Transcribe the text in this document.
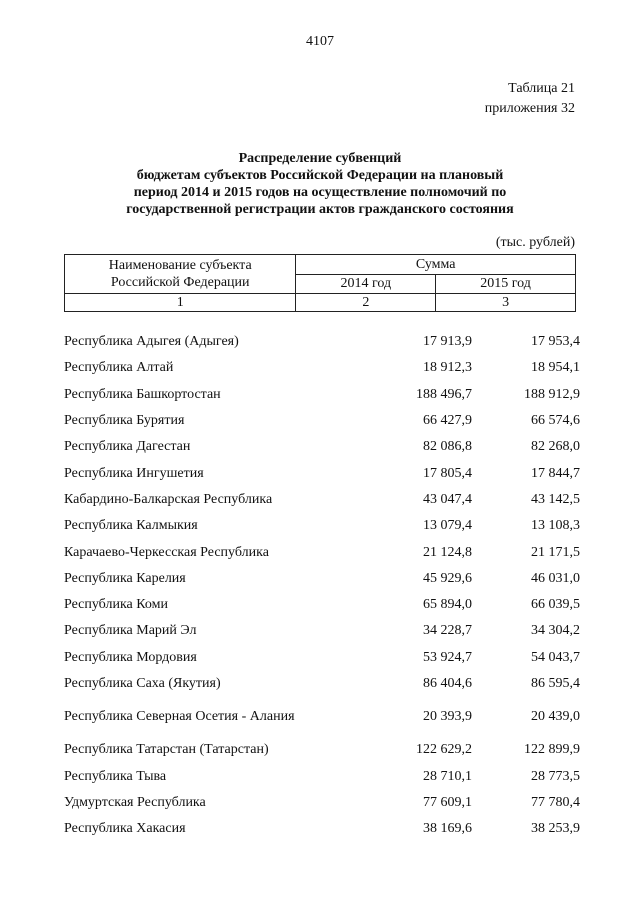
4107
Таблица 21
приложения 32
Распределение субвенций
бюджетам субъектов Российской Федерации на плановый
период 2014 и 2015 годов на осуществление полномочий по
государственной регистрации актов гражданского состояния
(тыс. рублей)
Наименование субъекта
Российской Федерации	Сумма	
	2014 год	2015 год
1	2	3
Республика Адыгея (Адыгея)	17 913,9	17 953,4
Республика Алтай	18 912,3	18 954,1
Республика Башкортостан	188 496,7	188 912,9
Республика Бурятия	66 427,9	66 574,6
Республика Дагестан	82 086,8	82 268,0
Республика Ингушетия	17 805,4	17 844,7
Кабардино-Балкарская Республика	43 047,4	43 142,5
Республика Калмыкия	13 079,4	13 108,3
Карачаево-Черкесская Республика	21 124,8	21 171,5
Республика Карелия	45 929,6	46 031,0
Республика Коми	65 894,0	66 039,5
Республика Марий Эл	34 228,7	34 304,2
Республика Мордовия	53 924,7	54 043,7
Республика Саха (Якутия)	86 404,6	86 595,4
Республика Северная Осетия - Алания	20 393,9	20 439,0
Республика Татарстан (Татарстан)	122 629,2	122 899,9
Республика Тыва	28 710,1	28 773,5
Удмуртская Республика	77 609,1	77 780,4
Республика Хакасия	38 169,6	38 253,9
